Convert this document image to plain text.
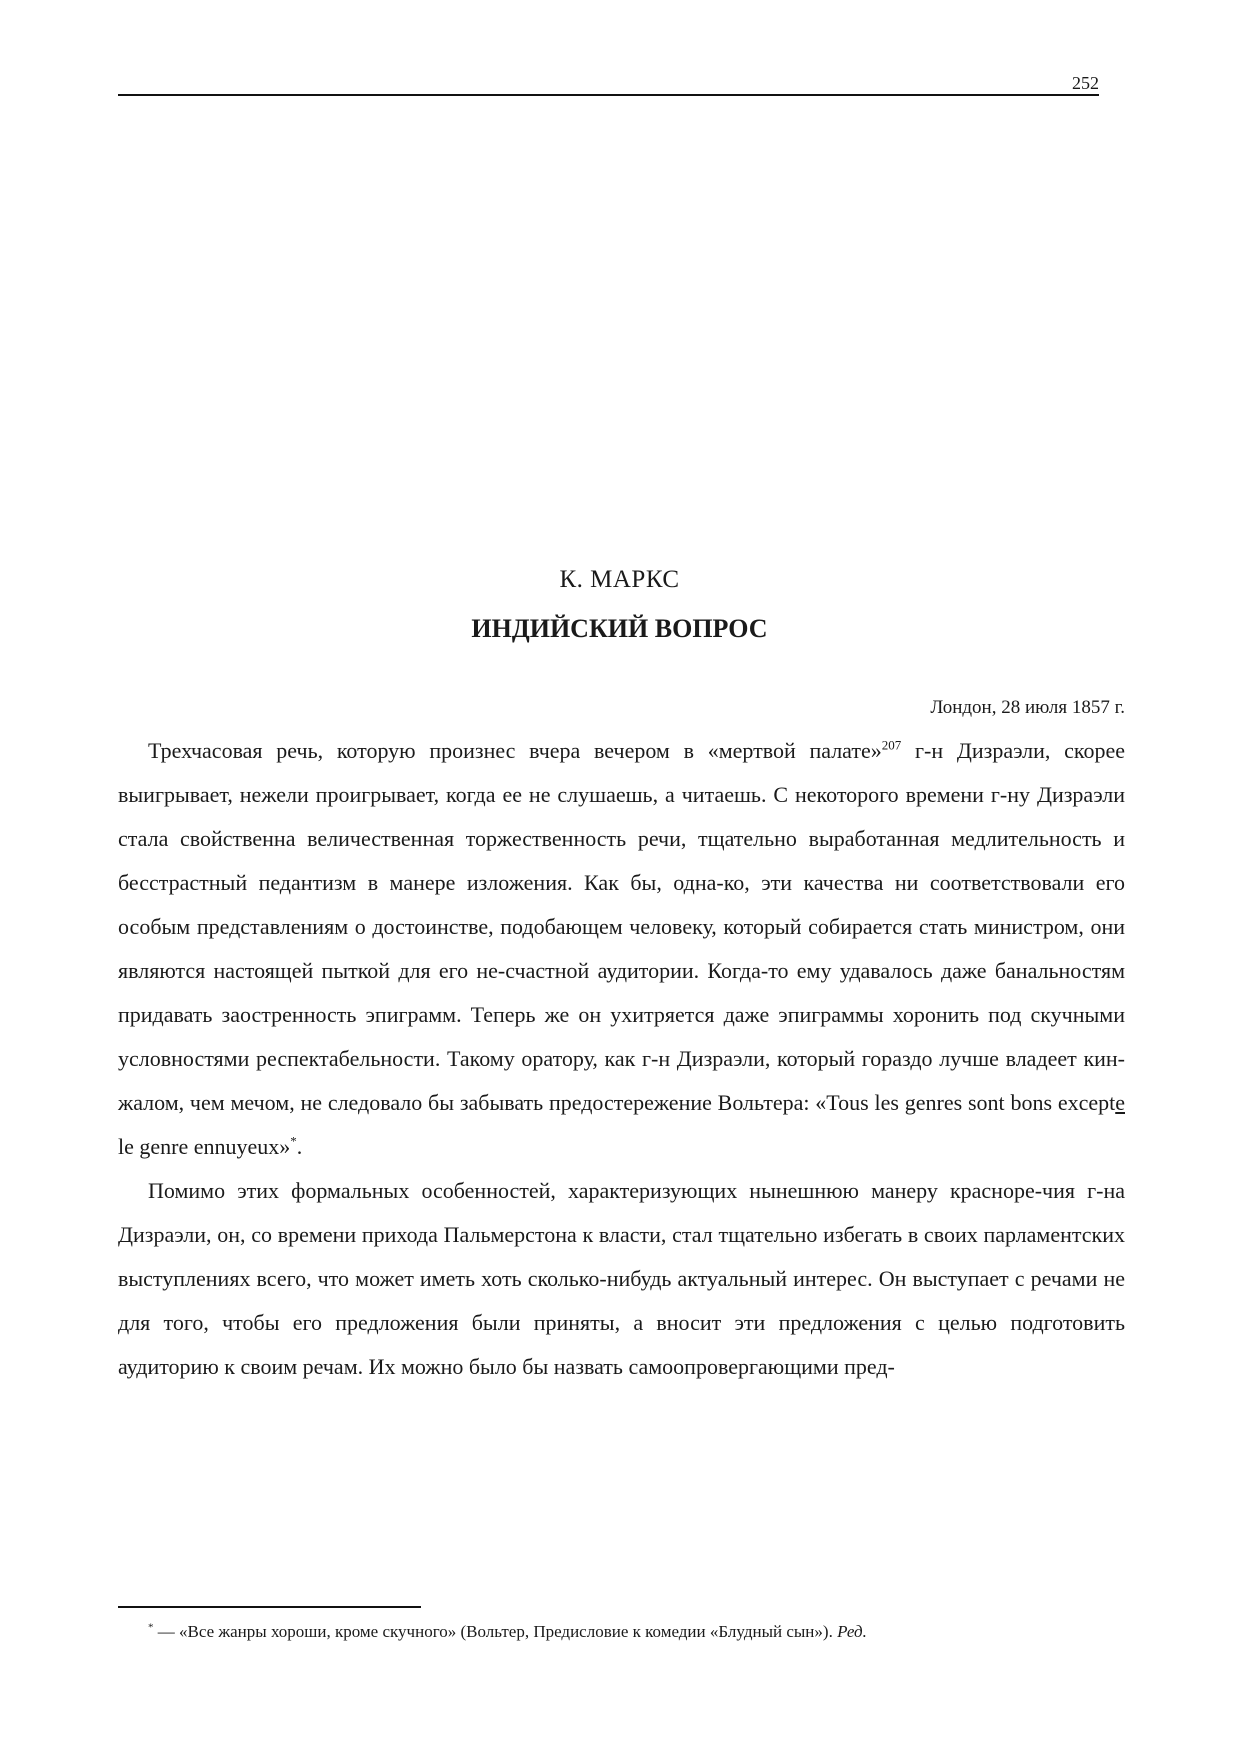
252
К. МАРКС
ИНДИЙСКИЙ ВОПРОС
Лондон, 28 июля 1857 г.

Трехчасовая речь, которую произнес вчера вечером в «мертвой палате»$^{207}$ г-н Дизраэли, скорее выигрывает, нежели проигрывает, когда ее не слушаешь, а читаешь. С некоторого времени г-ну Дизраэли стала свойственна величественная торжественность речи, тщательно выработанная медлительность и бесстрастный педантизм в манере изложения. Как бы, одна-ко, эти качества ни соответствовали его особым представлениям о достоинстве, подобающем человеку, который собирается стать министром, они являются настоящей пыткой для его не-счастной аудитории. Когда-то ему удавалось даже банальностям придавать заостренность эпиграмм. Теперь же он ухитряется даже эпиграммы хоронить под скучными условностями респектабельности. Такому оратору, как г-н Дизраэли, который гораздо лучше владеет кин-жалом, чем мечом, не следовало бы забывать предостережение Вольтера: «Tous les genres sont bons excepte le genre ennuyeux»*.

Помимо этих формальных особенностей, характеризующих нынешнюю манеру красноре-чия г-на Дизраэли, он, со времени прихода Пальмерстона к власти, стал тщательно избегать в своих парламентских выступлениях всего, что может иметь хоть сколько-нибудь актуальный интерес. Он выступает с речами не для того, чтобы его предложения были приняты, а вносит эти предложения с целью подготовить аудиторию к своим речам. Их можно было бы назвать самоопровергающими пред-

* — «Все жанры хороши, кроме скучного» (Вольтер, Предисловие к комедии «Блудный сын»). Ред.
